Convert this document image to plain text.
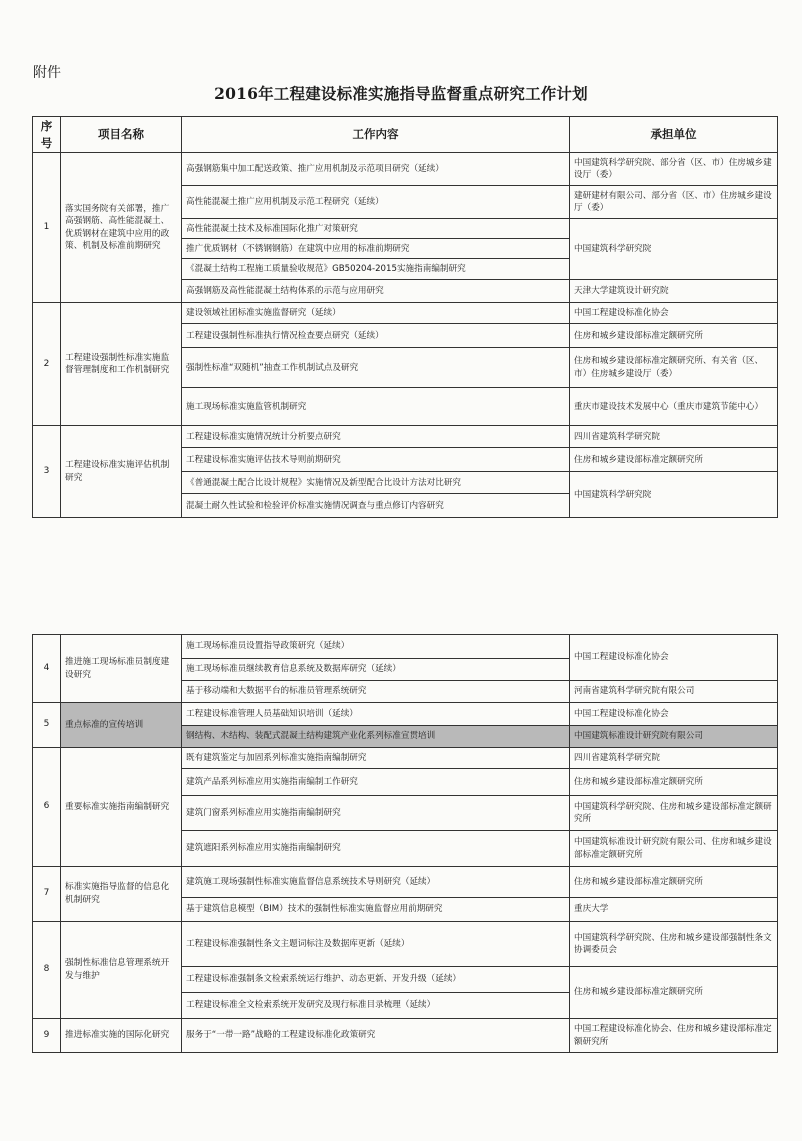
附件
2016年工程建设标准实施指导监督重点研究工作计划
序号	项目名称	工作内容	承担单位
1	落实国务院有关部署，推广高强钢筋、高性能混凝土、优质钢材在建筑中应用的政策、机制及标准前期研究	高强钢筋集中加工配送政策、推广应用机制及示范项目研究（延续）	中国建筑科学研究院、部分省（区、市）住房城乡建设厅（委）
		高性能混凝土推广应用机制及示范工程研究（延续）	建研建材有限公司、部分省（区、市）住房城乡建设厅（委）
		高性能混凝土技术及标准国际化推广对策研究	中国建筑科学研究院
		推广优质钢材（不锈钢钢筋）在建筑中应用的标准前期研究	
		《混凝土结构工程施工质量验收规范》GB50204-2015实施指南编制研究	
		高强钢筋及高性能混凝土结构体系的示范与应用研究	天津大学建筑设计研究院
2	工程建设强制性标准实施监督管理制度和工作机制研究	建设领域社团标准实施监督研究（延续）	中国工程建设标准化协会
		工程建设强制性标准执行情况检查要点研究（延续）	住房和城乡建设部标准定额研究所
		强制性标准“双随机”抽查工作机制试点及研究	住房和城乡建设部标准定额研究所、有关省（区、市）住房城乡建设厅（委）
		施工现场标准实施监管机制研究	重庆市建设技术发展中心（重庆市建筑节能中心）
3	工程建设标准实施评估机制研究	工程建设标准实施情况统计分析要点研究	四川省建筑科学研究院
		工程建设标准实施评估技术导则前期研究	住房和城乡建设部标准定额研究所
		《普通混凝土配合比设计规程》实施情况及新型配合比设计方法对比研究	中国建筑科学研究院
		混凝土耐久性试验和检验评价标准实施情况调查与重点修订内容研究	
4	推进施工现场标准员制度建设研究	施工现场标准员设置指导政策研究（延续）	中国工程建设标准化协会
		施工现场标准员继续教育信息系统及数据库研究（延续）	
		基于移动端和大数据平台的标准员管理系统研究	河南省建筑科学研究院有限公司
5	重点标准的宣传培训	工程建设标准管理人员基础知识培训（延续）	中国工程建设标准化协会
		钢结构、木结构、装配式混凝土结构建筑产业化系列标准宣贯培训	中国建筑标准设计研究院有限公司
6	重要标准实施指南编制研究	既有建筑鉴定与加固系列标准实施指南编制研究	四川省建筑科学研究院
		建筑产品系列标准应用实施指南编制工作研究	住房和城乡建设部标准定额研究所
		建筑门窗系列标准应用实施指南编制研究	中国建筑科学研究院、住房和城乡建设部标准定额研究所
		建筑遮阳系列标准应用实施指南编制研究	中国建筑标准设计研究院有限公司、住房和城乡建设部标准定额研究所
7	标准实施指导监督的信息化机制研究	建筑施工现场强制性标准实施监督信息系统技术导则研究（延续）	住房和城乡建设部标准定额研究所
		基于建筑信息模型（BIM）技术的强制性标准实施监督应用前期研究	重庆大学
8	强制性标准信息管理系统开发与维护	工程建设标准强制性条文主题词标注及数据库更新（延续）	中国建筑科学研究院、住房和城乡建设部强制性条文协调委员会
		工程建设标准强制条文检索系统运行维护、动态更新、开发升级（延续）	住房和城乡建设部标准定额研究所
		工程建设标准全文检索系统开发研究及现行标准目录梳理（延续）	
9	推进标准实施的国际化研究	服务于“一带一路”战略的工程建设标准化政策研究	中国工程建设标准化协会、住房和城乡建设部标准定额研究所
